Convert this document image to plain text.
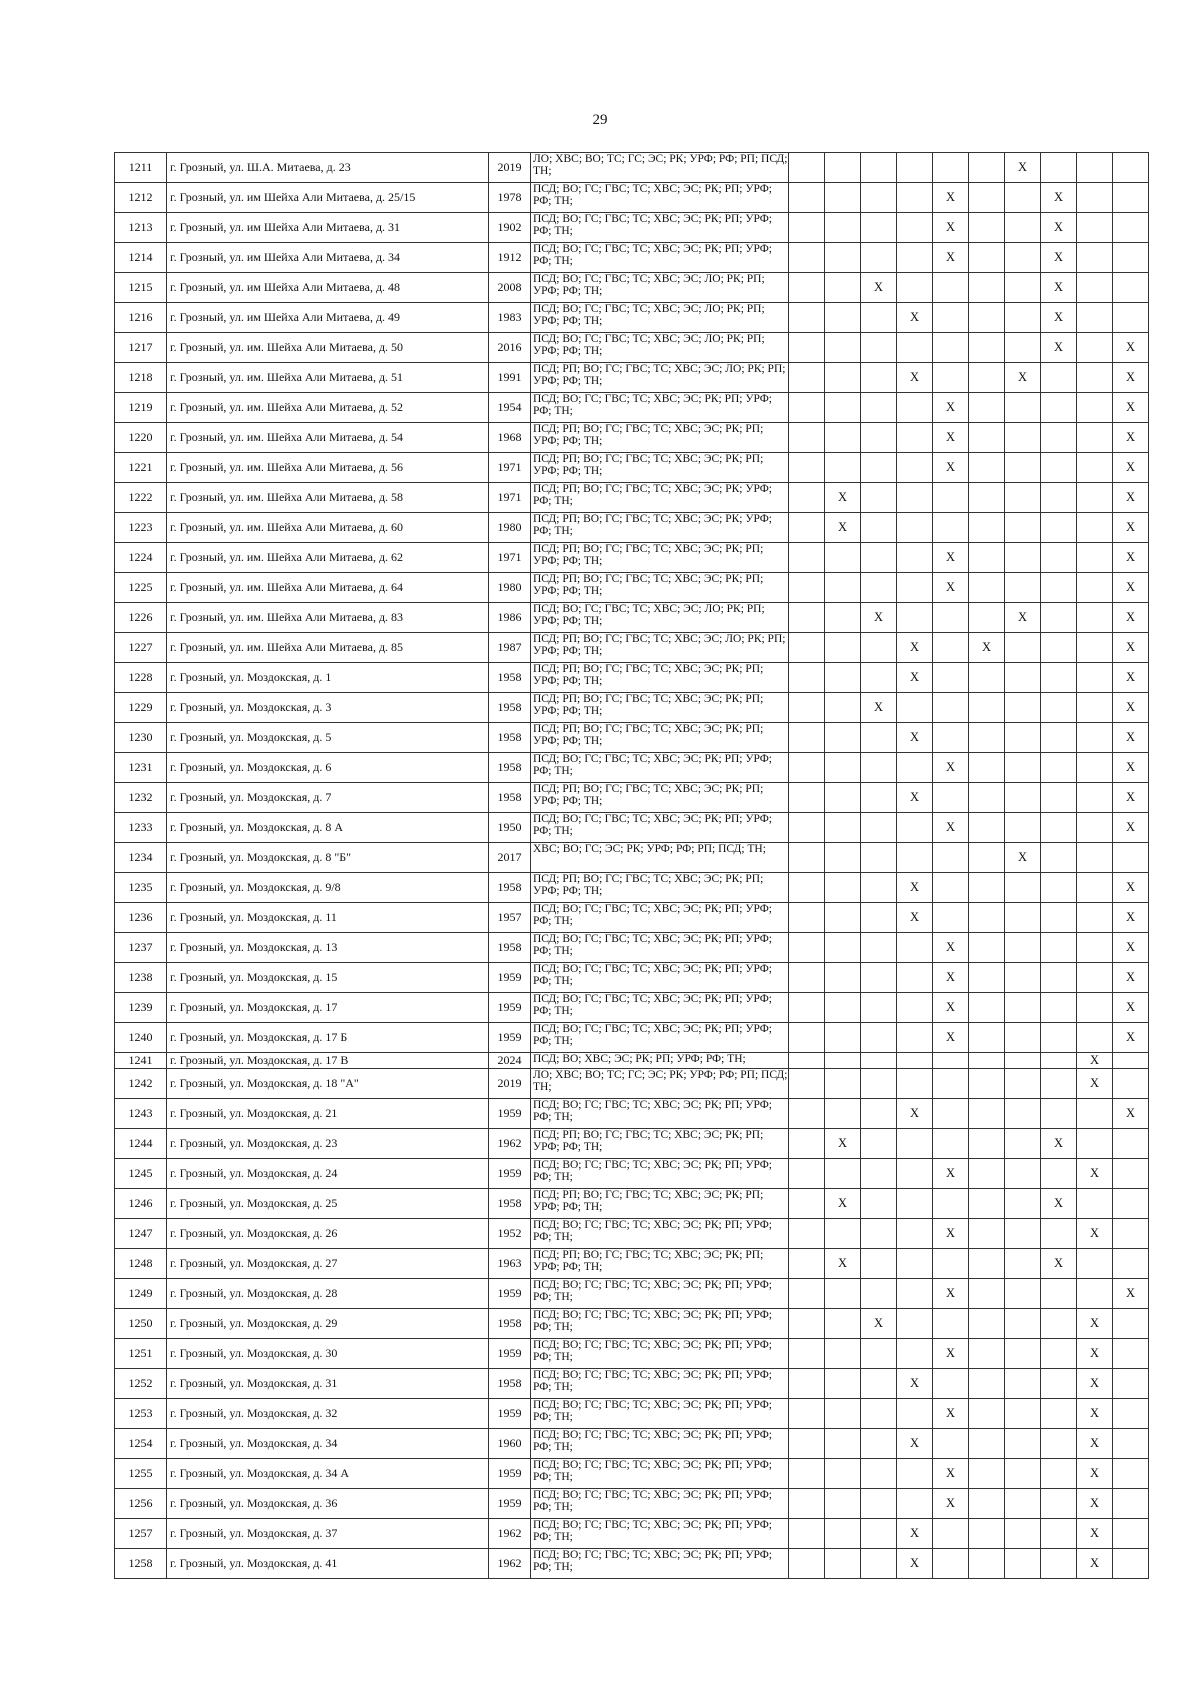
29
1211	г. Грозный, ул. Ш.А. Митаева, д. 23	2019	ЛО; ХВС; ВО; ТС; ГС; ЭС; РК; УРФ; РФ; РП; ПСД; ТН;							X			
1212	г. Грозный, ул. им Шейха Али Митаева, д. 25/15	1978	ПСД; ВО; ГС; ГВС; ТС; ХВС; ЭС; РК; РП; УРФ; РФ; ТН;					X			X		
1213	г. Грозный, ул. им Шейха Али Митаева, д. 31	1902	ПСД; ВО; ГС; ГВС; ТС; ХВС; ЭС; РК; РП; УРФ; РФ; ТН;					X			X		
1214	г. Грозный, ул. им Шейха Али Митаева, д. 34	1912	ПСД; ВО; ГС; ГВС; ТС; ХВС; ЭС; РК; РП; УРФ; РФ; ТН;					X			X		
1215	г. Грозный, ул. им Шейха Али Митаева, д. 48	2008	ПСД; ВО; ГС; ГВС; ТС; ХВС; ЭС; ЛО; РК; РП; УРФ; РФ; ТН;			X					X		
1216	г. Грозный, ул. им Шейха Али Митаева, д. 49	1983	ПСД; ВО; ГС; ГВС; ТС; ХВС; ЭС; ЛО; РК; РП; УРФ; РФ; ТН;				X				X		
1217	г. Грозный, ул. им. Шейха Али Митаева, д. 50	2016	ПСД; ВО; ГС; ГВС; ТС; ХВС; ЭС; ЛО; РК; РП; УРФ; РФ; ТН;								X		X
1218	г. Грозный, ул. им. Шейха Али Митаева, д. 51	1991	ПСД; РП; ВО; ГС; ГВС; ТС; ХВС; ЭС; ЛО; РК; РП; УРФ; РФ; ТН;				X			X			X
1219	г. Грозный, ул. им. Шейха Али Митаева, д. 52	1954	ПСД; ВО; ГС; ГВС; ТС; ХВС; ЭС; РК; РП; УРФ; РФ; ТН;					X					X
1220	г. Грозный, ул. им. Шейха Али Митаева, д. 54	1968	ПСД; РП; ВО; ГС; ГВС; ТС; ХВС; ЭС; РК; РП; УРФ; РФ; ТН;					X					X
1221	г. Грозный, ул. им. Шейха Али Митаева, д. 56	1971	ПСД; РП; ВО; ГС; ГВС; ТС; ХВС; ЭС; РК; РП; УРФ; РФ; ТН;					X					X
1222	г. Грозный, ул. им. Шейха Али Митаева, д. 58	1971	ПСД; РП; ВО; ГС; ГВС; ТС; ХВС; ЭС; РК; УРФ; РФ; ТН;		X								X
1223	г. Грозный, ул. им. Шейха Али Митаева, д. 60	1980	ПСД; РП; ВО; ГС; ГВС; ТС; ХВС; ЭС; РК; УРФ; РФ; ТН;		X								X
1224	г. Грозный, ул. им. Шейха Али Митаева, д. 62	1971	ПСД; РП; ВО; ГС; ГВС; ТС; ХВС; ЭС; РК; РП; УРФ; РФ; ТН;					X					X
1225	г. Грозный, ул. им. Шейха Али Митаева, д. 64	1980	ПСД; РП; ВО; ГС; ГВС; ТС; ХВС; ЭС; РК; РП; УРФ; РФ; ТН;					X					X
1226	г. Грозный, ул. им. Шейха Али Митаева, д. 83	1986	ПСД; ВО; ГС; ГВС; ТС; ХВС; ЭС; ЛО; РК; РП; УРФ; РФ; ТН;			X				X			X
1227	г. Грозный, ул. им. Шейха Али Митаева, д. 85	1987	ПСД; РП; ВО; ГС; ГВС; ТС; ХВС; ЭС; ЛО; РК; РП; УРФ; РФ; ТН;				X		X				X
1228	г. Грозный, ул. Моздокская, д. 1	1958	ПСД; РП; ВО; ГС; ГВС; ТС; ХВС; ЭС; РК; РП; УРФ; РФ; ТН;				X						X
1229	г. Грозный, ул. Моздокская, д. 3	1958	ПСД; РП; ВО; ГС; ГВС; ТС; ХВС; ЭС; РК; РП; УРФ; РФ; ТН;			X							X
1230	г. Грозный, ул. Моздокская, д. 5	1958	ПСД; РП; ВО; ГС; ГВС; ТС; ХВС; ЭС; РК; РП; УРФ; РФ; ТН;				X						X
1231	г. Грозный, ул. Моздокская, д. 6	1958	ПСД; ВО; ГС; ГВС; ТС; ХВС; ЭС; РК; РП; УРФ; РФ; ТН;					X					X
1232	г. Грозный, ул. Моздокская, д. 7	1958	ПСД; РП; ВО; ГС; ГВС; ТС; ХВС; ЭС; РК; РП; УРФ; РФ; ТН;				X						X
1233	г. Грозный, ул. Моздокская, д. 8 А	1950	ПСД; ВО; ГС; ГВС; ТС; ХВС; ЭС; РК; РП; УРФ; РФ; ТН;					X					X
1234	г. Грозный, ул. Моздокская, д. 8 "Б"	2017	ХВС; ВО; ГС; ЭС; РК; УРФ; РФ; РП; ПСД; ТН;							X			
1235	г. Грозный, ул. Моздокская, д. 9/8	1958	ПСД; РП; ВО; ГС; ГВС; ТС; ХВС; ЭС; РК; РП; УРФ; РФ; ТН;				X						X
1236	г. Грозный, ул. Моздокская, д. 11	1957	ПСД; ВО; ГС; ГВС; ТС; ХВС; ЭС; РК; РП; УРФ; РФ; ТН;				X						X
1237	г. Грозный, ул. Моздокская, д. 13	1958	ПСД; ВО; ГС; ГВС; ТС; ХВС; ЭС; РК; РП; УРФ; РФ; ТН;					X					X
1238	г. Грозный, ул. Моздокская, д. 15	1959	ПСД; ВО; ГС; ГВС; ТС; ХВС; ЭС; РК; РП; УРФ; РФ; ТН;					X					X
1239	г. Грозный, ул. Моздокская, д. 17	1959	ПСД; ВО; ГС; ГВС; ТС; ХВС; ЭС; РК; РП; УРФ; РФ; ТН;					X					X
1240	г. Грозный, ул. Моздокская, д. 17 Б	1959	ПСД; ВО; ГС; ГВС; ТС; ХВС; ЭС; РК; РП; УРФ; РФ; ТН;					X					X
1241	г. Грозный, ул. Моздокская, д. 17 В	2024	ПСД; ВО; ХВС; ЭС; РК; РП; УРФ; РФ; ТН;									X	
1242	г. Грозный, ул. Моздокская, д. 18 "А"	2019	ЛО; ХВС; ВО; ТС; ГС; ЭС; РК; УРФ; РФ; РП; ПСД; ТН;									X	
1243	г. Грозный, ул. Моздокская, д. 21	1959	ПСД; ВО; ГС; ГВС; ТС; ХВС; ЭС; РК; РП; УРФ; РФ; ТН;				X						X
1244	г. Грозный, ул. Моздокская, д. 23	1962	ПСД; РП; ВО; ГС; ГВС; ТС; ХВС; ЭС; РК; РП; УРФ; РФ; ТН;		X						X		
1245	г. Грозный, ул. Моздокская, д. 24	1959	ПСД; ВО; ГС; ГВС; ТС; ХВС; ЭС; РК; РП; УРФ; РФ; ТН;					X				X	
1246	г. Грозный, ул. Моздокская, д. 25	1958	ПСД; РП; ВО; ГС; ГВС; ТС; ХВС; ЭС; РК; РП; УРФ; РФ; ТН;		X						X		
1247	г. Грозный, ул. Моздокская, д. 26	1952	ПСД; ВО; ГС; ГВС; ТС; ХВС; ЭС; РК; РП; УРФ; РФ; ТН;					X				X	
1248	г. Грозный, ул. Моздокская, д. 27	1963	ПСД; РП; ВО; ГС; ГВС; ТС; ХВС; ЭС; РК; РП; УРФ; РФ; ТН;		X						X		
1249	г. Грозный, ул. Моздокская, д. 28	1959	ПСД; ВО; ГС; ГВС; ТС; ХВС; ЭС; РК; РП; УРФ; РФ; ТН;					X					X
1250	г. Грозный, ул. Моздокская, д. 29	1958	ПСД; ВО; ГС; ГВС; ТС; ХВС; ЭС; РК; РП; УРФ; РФ; ТН;			X						X	
1251	г. Грозный, ул. Моздокская, д. 30	1959	ПСД; ВО; ГС; ГВС; ТС; ХВС; ЭС; РК; РП; УРФ; РФ; ТН;					X				X	
1252	г. Грозный, ул. Моздокская, д. 31	1958	ПСД; ВО; ГС; ГВС; ТС; ХВС; ЭС; РК; РП; УРФ; РФ; ТН;				X					X	
1253	г. Грозный, ул. Моздокская, д. 32	1959	ПСД; ВО; ГС; ГВС; ТС; ХВС; ЭС; РК; РП; УРФ; РФ; ТН;					X				X	
1254	г. Грозный, ул. Моздокская, д. 34	1960	ПСД; ВО; ГС; ГВС; ТС; ХВС; ЭС; РК; РП; УРФ; РФ; ТН;				X					X	
1255	г. Грозный, ул. Моздокская, д. 34 А	1959	ПСД; ВО; ГС; ГВС; ТС; ХВС; ЭС; РК; РП; УРФ; РФ; ТН;					X				X	
1256	г. Грозный, ул. Моздокская, д. 36	1959	ПСД; ВО; ГС; ГВС; ТС; ХВС; ЭС; РК; РП; УРФ; РФ; ТН;					X				X	
1257	г. Грозный, ул. Моздокская, д. 37	1962	ПСД; ВО; ГС; ГВС; ТС; ХВС; ЭС; РК; РП; УРФ; РФ; ТН;				X					X	
1258	г. Грозный, ул. Моздокская, д. 41	1962	ПСД; ВО; ГС; ГВС; ТС; ХВС; ЭС; РК; РП; УРФ; РФ; ТН;				X					X	
